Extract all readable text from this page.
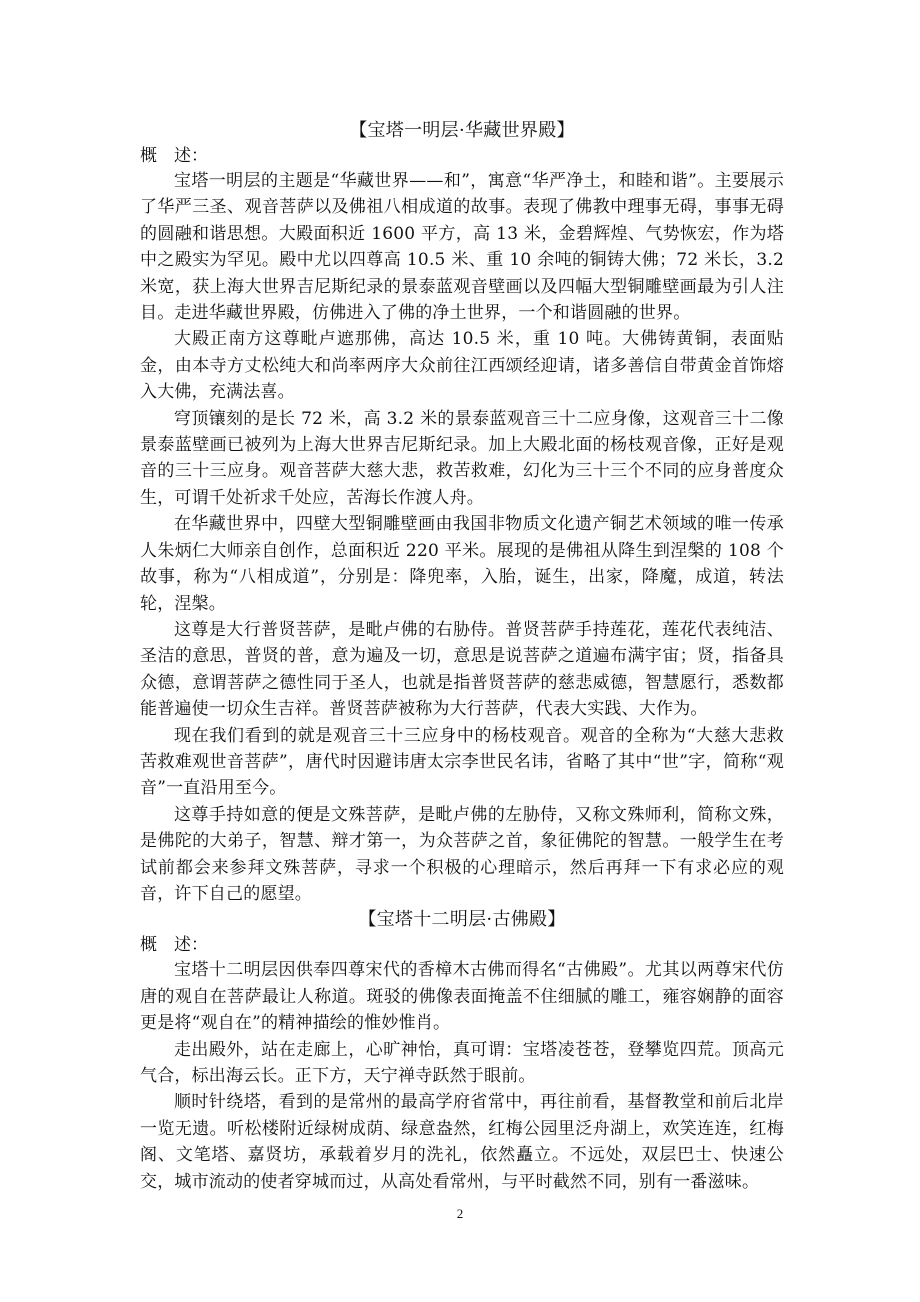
【宝塔一明层·华藏世界殿】
概　述：

宝塔一明层的主题是“华藏世界——和”，寓意“华严净土，和睦和谐”。主要展示了华严三圣、观音菩萨以及佛祖八相成道的故事。表现了佛教中理事无碍，事事无碍的圆融和谐思想。大殿面积近 1600 平方，高 13 米，金碧辉煌、气势恢宏，作为塔中之殿实为罕见。殿中尤以四尊高 10.5 米、重 10 余吨的铜铸大佛；72 米长，3.2 米宽，获上海大世界吉尼斯纪录的景泰蓝观音壁画以及四幅大型铜雕壁画最为引人注目。走进华藏世界殿，仿佛进入了佛的净土世界，一个和谐圆融的世界。

大殿正南方这尊毗卢遮那佛，高达 10.5 米，重 10 吨。大佛铸黄铜，表面贴金，由本寺方丈松纯大和尚率两序大众前往江西颂经迎请，诸多善信自带黄金首饰熔入大佛，充满法喜。

穹顶镶刻的是长 72 米，高 3.2 米的景泰蓝观音三十二应身像，这观音三十二像景泰蓝壁画已被列为上海大世界吉尼斯纪录。加上大殿北面的杨枝观音像，正好是观音的三十三应身。观音菩萨大慈大悲，救苦救难，幻化为三十三个不同的应身普度众生，可谓千处祈求千处应，苦海长作渡人舟。

在华藏世界中，四壁大型铜雕壁画由我国非物质文化遗产铜艺术领域的唯一传承人朱炳仁大师亲自创作，总面积近 220 平米。展现的是佛祖从降生到涅槃的 108 个故事，称为“八相成道”，分别是：降兜率，入胎，诞生，出家，降魔，成道，转法轮，涅槃。

这尊是大行普贤菩萨，是毗卢佛的右胁侍。普贤菩萨手持莲花，莲花代表纯洁、圣洁的意思，普贤的普，意为遍及一切，意思是说菩萨之道遍布满宇宙；贤，指备具众德，意谓菩萨之德性同于圣人，也就是指普贤菩萨的慈悲威德，智慧愿行，悉数都能普遍使一切众生吉祥。普贤菩萨被称为大行菩萨，代表大实践、大作为。

现在我们看到的就是观音三十三应身中的杨枝观音。观音的全称为“大慈大悲救苦救难观世音菩萨”，唐代时因避讳唐太宗李世民名讳，省略了其中“世”字，简称“观音”一直沿用至今。

这尊手持如意的便是文殊菩萨，是毗卢佛的左胁侍，又称文殊师利，简称文殊，是佛陀的大弟子，智慧、辩才第一，为众菩萨之首，象征佛陀的智慧。一般学生在考试前都会来参拜文殊菩萨，寻求一个积极的心理暗示，然后再拜一下有求必应的观音，许下自己的愿望。

【宝塔十二明层·古佛殿】
概　述：

宝塔十二明层因供奉四尊宋代的香樟木古佛而得名“古佛殿”。尤其以两尊宋代仿唐的观自在菩萨最让人称道。斑驳的佛像表面掩盖不住细腻的雕工，雍容娴静的面容更是将“观自在”的精神描绘的惟妙惟肖。

走出殿外，站在走廊上，心旷神怡，真可谓：宝塔凌苍苍，登攀览四荒。顶高元气合，标出海云长。正下方，天宁禅寺跃然于眼前。

顺时针绕塔，看到的是常州的最高学府省常中，再往前看，基督教堂和前后北岸一览无遗。听松楼附近绿树成荫、绿意盎然，红梅公园里泛舟湖上，欢笑连连，红梅阁、文笔塔、嘉贤坊，承载着岁月的洗礼，依然矗立。不远处，双层巴士、快速公交，城市流动的使者穿城而过，从高处看常州，与平时截然不同，别有一番滋味。

2
